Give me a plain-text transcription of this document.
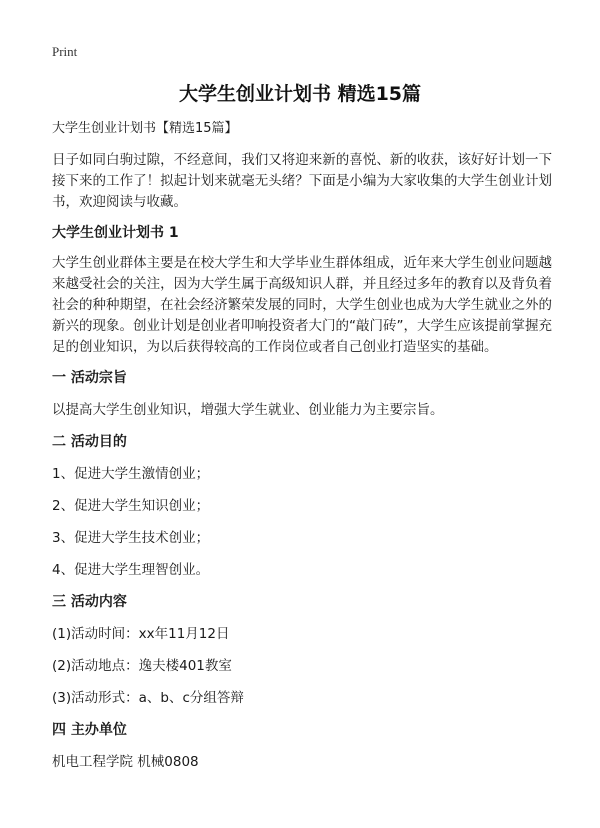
Print
大学生创业计划书 精选15篇
大学生创业计划书【精选15篇】

日子如同白驹过隙，不经意间，我们又将迎来新的喜悦、新的收获，该好好计划一下接下来的工作了！拟起计划来就毫无头绪？下面是小编为大家收集的大学生创业计划书，欢迎阅读与收藏。

大学生创业计划书 1

大学生创业群体主要是在校大学生和大学毕业生群体组成，近年来大学生创业问题越来越受社会的关注，因为大学生属于高级知识人群，并且经过多年的教育以及背负着社会的种种期望，在社会经济繁荣发展的同时，大学生创业也成为大学生就业之外的新兴的现象。创业计划是创业者叩响投资者大门的“敲门砖”，大学生应该提前掌握充足的创业知识，为以后获得较高的工作岗位或者自己创业打造坚实的基础。

一 活动宗旨
以提高大学生创业知识，增强大学生就业、创业能力为主要宗旨。
二 活动目的
1、促进大学生激情创业；
2、促进大学生知识创业；
3、促进大学生技术创业；
4、促进大学生理智创业。
三 活动内容
(1)活动时间：xx年11月12日
(2)活动地点：逸夫楼401教室
(3)活动形式：a、b、c分组答辩
四 主办单位
机电工程学院 机械0808
